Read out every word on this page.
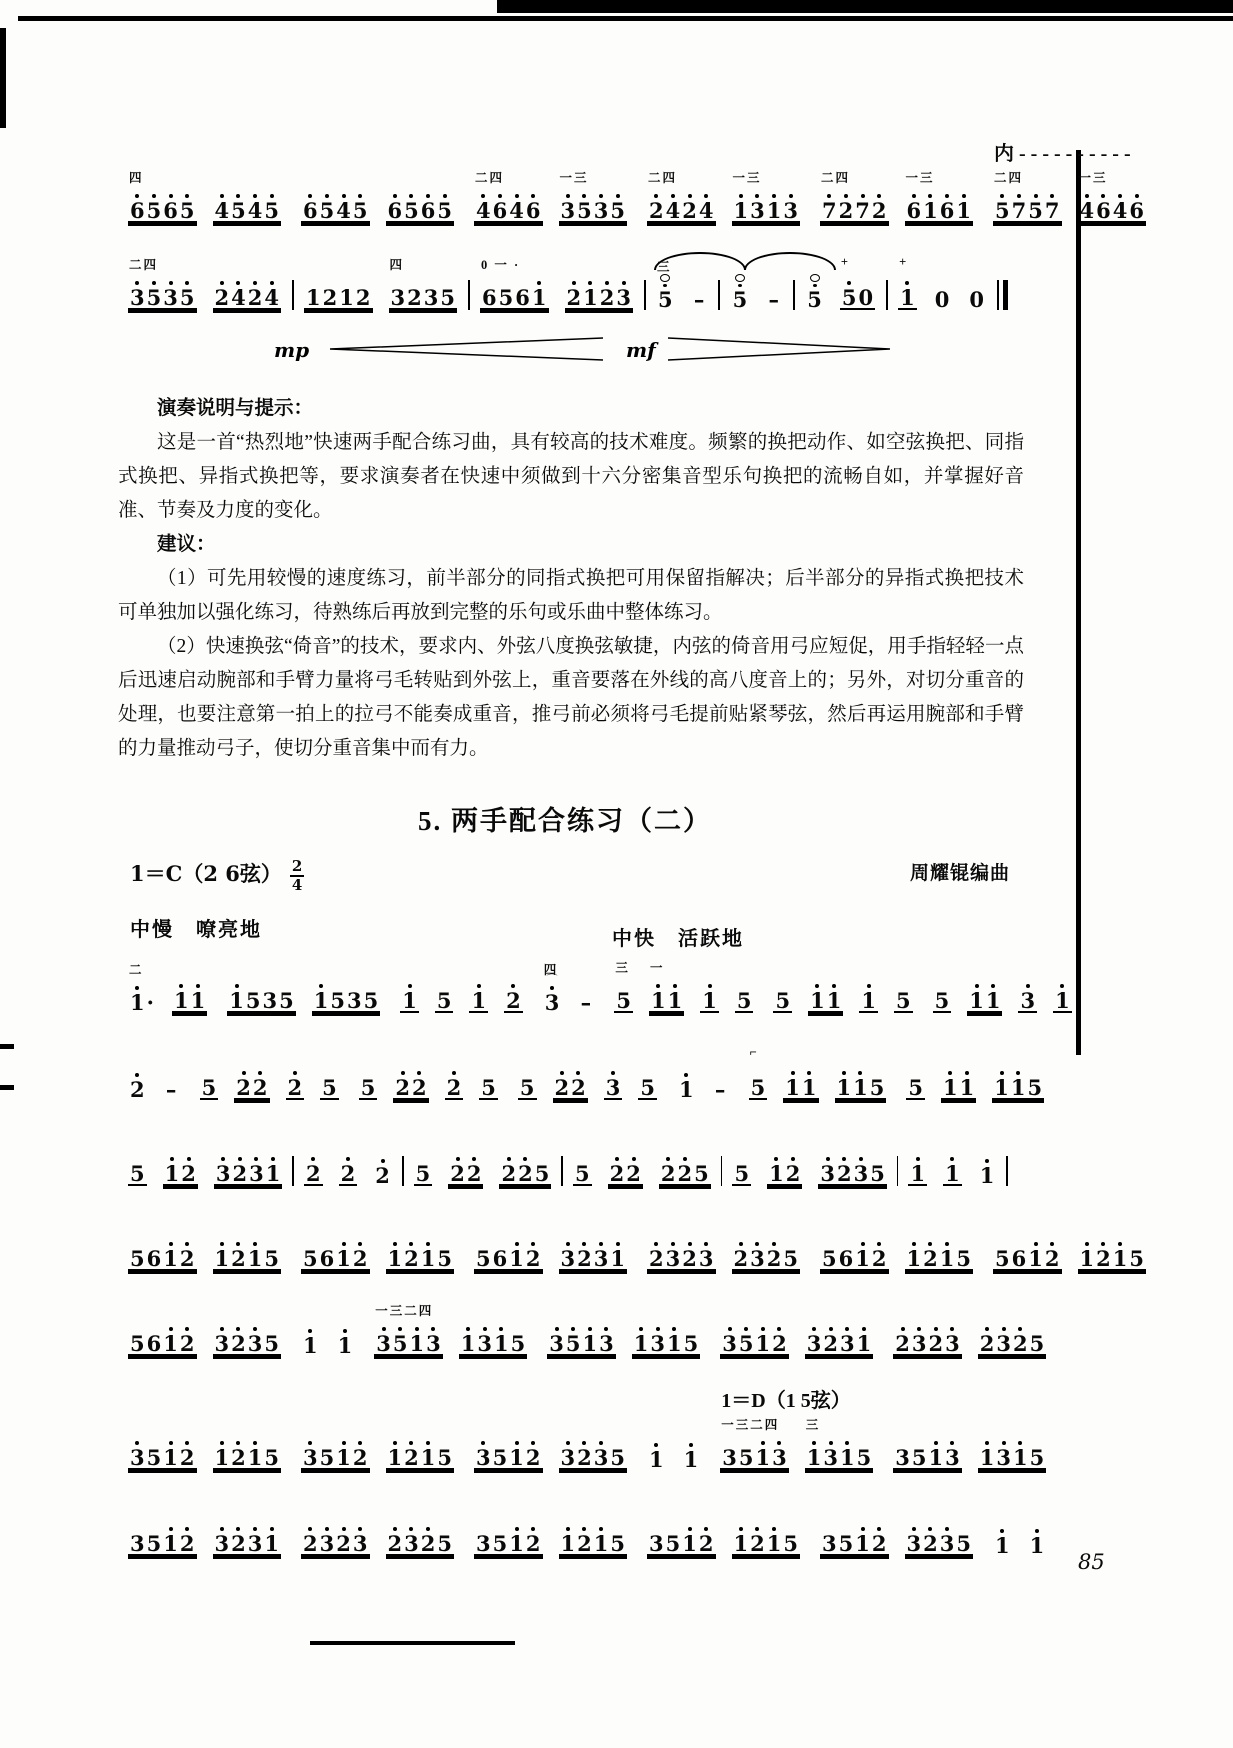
四
6 5 6 5 4 5 4 5 6 5 4 5 6 5 6 5
二四
4 6 4 6
一三
3 5 3 5
二四
2 4 2 4
一三
1 3 1 3
二四
7 2 7 2
一三
6 1 6 1
二四
内 - - - - - - - - - -
5 7 5 7
一三
4 6 4 6
二四
3 5 3 5 2 4 2 4 1 2 1 2
四
3 2 3 5
0 一 ·
6 5 6 1 2 1 2 3
三
5 – 5 – 5
+
5 0
+
1 0 0
mp	mf

演奏说明与提示：

这是一首“热烈地”快速两手配合练习曲，具有较高的技术难度。频繁的换把动作、如空弦换把、同指式换把、异指式换把等，要求演奏者在快速中须做到十六分密集音型乐句换把的流畅自如，并掌握好音准、节奏及力度的变化。

建议：

（1）可先用较慢的速度练习，前半部分的同指式换把可用保留指解决；后半部分的异指式换把技术可单独加以强化练习，待熟练后再放到完整的乐句或乐曲中整体练习。

（2）快速换弦“倚音”的技术，要求内、外弦八度换弦敏捷，内弦的倚音用弓应短促，用手指轻轻一点后迅速启动腕部和手臂力量将弓毛转贴到外弦上，重音要落在外线的高八度音上的；另外，对切分重音的处理，也要注意第一拍上的拉弓不能奏成重音，推弓前必须将弓毛提前贴紧琴弦，然后再运用腕部和手臂的力量推动弓子，使切分重音集中而有力。

5. 两手配合练习（二）
1＝C（2 6弦） $\frac{2}{4}$	周耀锟编曲
中慢　嘹亮地	中快　活跃地
二
1 · 1 1 1 5 3 5 1 5 3 5 1 5 1 2
四
⌒
3 –
三
5
一
1 1 1 5 5 1 1 1 5 5 1 1 3 1
2 – 5 2 2 2 5 5 2 2 2 5 5 2 2 3 5 1 –
⌐
5 1 1 1 1 5 5 1 1 1 1 5
5 1 2 3 2 3 1 2 2 2 5 2 2 2 2 5 5 2 2 2 2 5 5 1 2 3 2 3 5 1 1 1
5 6 1 2 1 2 1 5 5 6 1 2 1 2 1 5 5 6 1 2 3 2 3 1 2 3 2 3 2 3 2 5 5 6 1 2 1 2 1 5 5 6 1 2 1 2 1 5
5 6 1 2 3 2 3 5 1 1
一三二四
3 5 1 3 1 3 1 5 3 5 1 3 1 3 1 5 3 5 1 2 3 2 3 1 2 3 2 3 2 3 2 5
3 5 1 2 1 2 1 5 3 5 1 2 1 2 1 5 3 5 1 2 3 2 3 5 1 1
一三二四
1＝D（1 5弦）
3 5 1 3
三
1 3 1 5 3 5 1 3 1 3 1 5
3 5 1 2 3 2 3 1 2 3 2 3 2 3 2 5 3 5 1 2 1 2 1 5 3 5 1 2 1 2 1 5 3 5 1 2 3 2 3 5 1 1
85
